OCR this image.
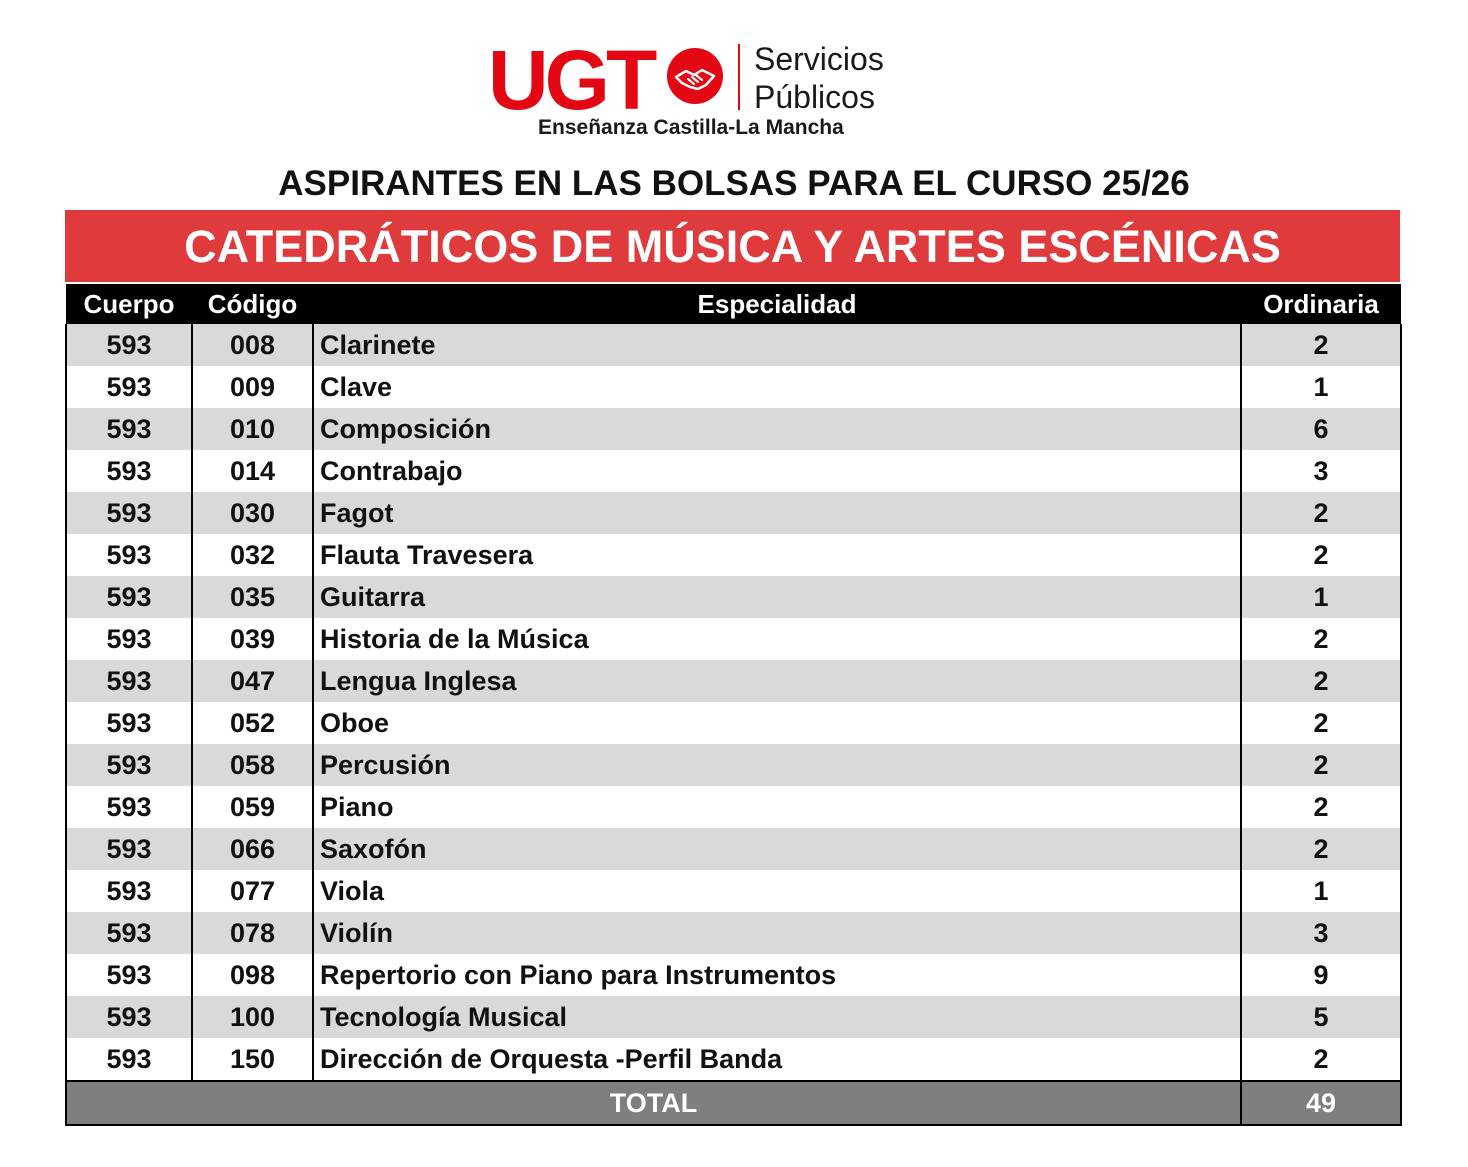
UGT	Servicios
Públicos
Enseñanza Castilla-La Mancha
ASPIRANTES EN LAS BOLSAS PARA EL CURSO 25/26
CATEDRÁTICOS DE MÚSICA Y ARTES ESCÉNICAS
Cuerpo	Código	Especialidad	Ordinaria
593	008	Clarinete	2
593	009	Clave	1
593	010	Composición	6
593	014	Contrabajo	3
593	030	Fagot	2
593	032	Flauta Travesera	2
593	035	Guitarra	1
593	039	Historia de la Música	2
593	047	Lengua Inglesa	2
593	052	Oboe	2
593	058	Percusión	2
593	059	Piano	2
593	066	Saxofón	2
593	077	Viola	1
593	078	Violín	3
593	098	Repertorio con Piano para Instrumentos	9
593	100	Tecnología Musical	5
593	150	Dirección de Orquesta -Perfil Banda	2
TOTAL			49
